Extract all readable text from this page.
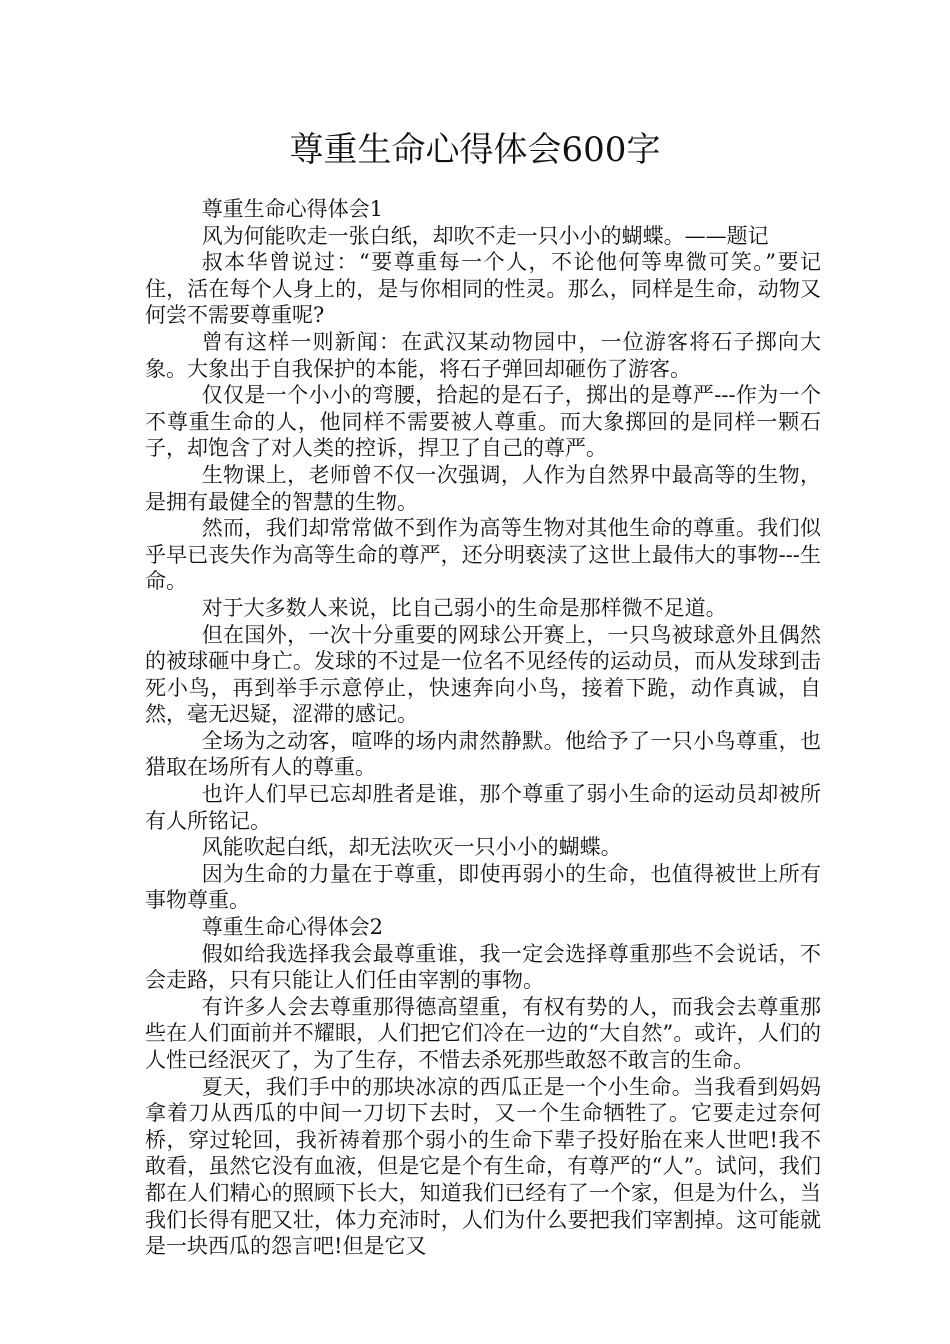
尊重生命心得体会600字

尊重生命心得体会1

风为何能吹走一张白纸，却吹不走一只小小的蝴蝶。——题记

叔本华曾说过：“要尊重每一个人，不论他何等卑微可笑。”要记住，活在每个人身上的，是与你相同的性灵。那么，同样是生命，动物又何尝不需要尊重呢?

曾有这样一则新闻：在武汉某动物园中，一位游客将石子掷向大象。大象出于自我保护的本能，将石子弹回却砸伤了游客。

仅仅是一个小小的弯腰，拾起的是石子，掷出的是尊严---作为一个不尊重生命的人，他同样不需要被人尊重。而大象掷回的是同样一颗石子，却饱含了对人类的控诉，捍卫了自己的尊严。

生物课上，老师曾不仅一次强调，人作为自然界中最高等的生物，是拥有最健全的智慧的生物。

然而，我们却常常做不到作为高等生物对其他生命的尊重。我们似乎早已丧失作为高等生命的尊严，还分明亵渎了这世上最伟大的事物---生命。

对于大多数人来说，比自己弱小的生命是那样微不足道。

但在国外，一次十分重要的网球公开赛上，一只鸟被球意外且偶然的被球砸中身亡。发球的不过是一位名不见经传的运动员，而从发球到击死小鸟，再到举手示意停止，快速奔向小鸟，接着下跪，动作真诚，自然，毫无迟疑，涩滞的感记。

全场为之动客，喧哗的场内肃然静默。他给予了一只小鸟尊重，也猎取在场所有人的尊重。

也许人们早已忘却胜者是谁，那个尊重了弱小生命的运动员却被所有人所铭记。

风能吹起白纸，却无法吹灭一只小小的蝴蝶。

因为生命的力量在于尊重，即使再弱小的生命，也值得被世上所有事物尊重。

尊重生命心得体会2

假如给我选择我会最尊重谁，我一定会选择尊重那些不会说话，不会走路，只有只能让人们任由宰割的事物。

有许多人会去尊重那得德高望重，有权有势的人，而我会去尊重那些在人们面前并不耀眼，人们把它们冷在一边的“大自然”。或许，人们的人性已经泯灭了，为了生存，不惜去杀死那些敢怒不敢言的生命。

夏天，我们手中的那块冰凉的西瓜正是一个小生命。当我看到妈妈拿着刀从西瓜的中间一刀切下去时，又一个生命牺牲了。它要走过奈何桥，穿过轮回，我祈祷着那个弱小的生命下辈子投好胎在来人世吧!我不敢看，虽然它没有血液，但是它是个有生命，有尊严的“人”。试问，我们都在人们精心的照顾下长大，知道我们已经有了一个家，但是为什么，当我们长得有肥又壮，体力充沛时，人们为什么要把我们宰割掉。这可能就是一块西瓜的怨言吧!但是它又
